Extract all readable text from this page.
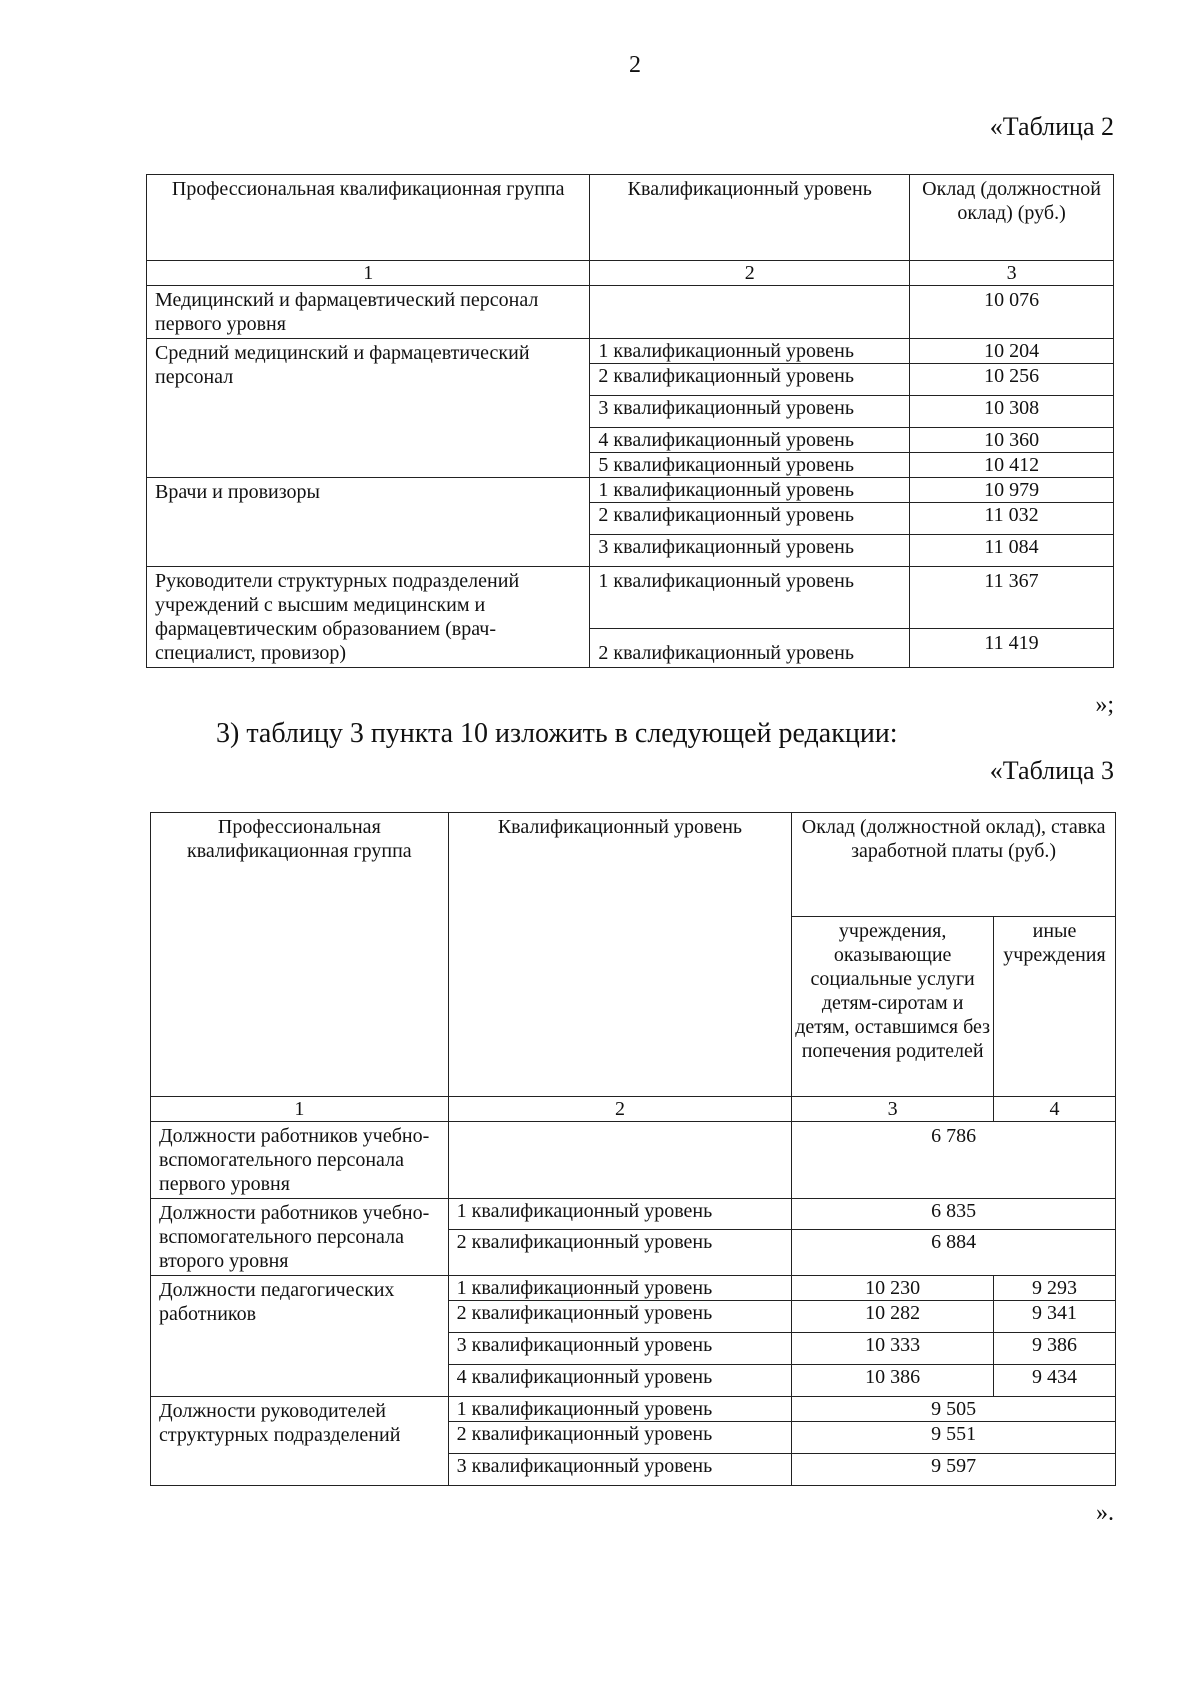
2
«Таблица 2
Профессиональная квалификационная группа	Квалификационный уровень	Оклад (должностной оклад) (руб.)
1	2	3
Медицинский и фармацевтический персонал первого уровня		10 076
Средний медицинский и фармацевтический персонал	1 квалификационный уровень	10 204
	2 квалификационный уровень	10 256
	3 квалификационный уровень	10 308
	4 квалификационный уровень	10 360
	5 квалификационный уровень	10 412
Врачи и провизоры	1 квалификационный уровень	10 979
	2 квалификационный уровень	11 032
	3 квалификационный уровень	11 084
Руководители структурных подразделений учреждений с высшим медицинским и фармацевтическим образованием (врач-специалист, провизор)	1 квалификационный уровень	11 367
	2 квалификационный уровень	11 419
»;
3) таблицу 3 пункта 10 изложить в следующей редакции:
«Таблица 3
Профессиональная квалификационная группа	Квалификационный уровень	Оклад (должностной оклад), ставка заработной платы (руб.)	
		учреждения, оказывающие социальные услуги детям-сиротам и детям, оставшимся без попечения родителей	иные учреждения
1	2	3	4
Должности работников учебно-вспомогательного персонала первого уровня		6 786	
Должности работников учебно-вспомогательного персонала второго уровня	1 квалификационный уровень	6 835	
	2 квалификационный уровень	6 884	
Должности педагогических работников	1 квалификационный уровень	10 230	9 293
	2 квалификационный уровень	10 282	9 341
	3 квалификационный уровень	10 333	9 386
	4 квалификационный уровень	10 386	9 434
Должности руководителей структурных подразделений	1 квалификационный уровень	9 505	
	2 квалификационный уровень	9 551	
	3 квалификационный уровень	9 597	
».
